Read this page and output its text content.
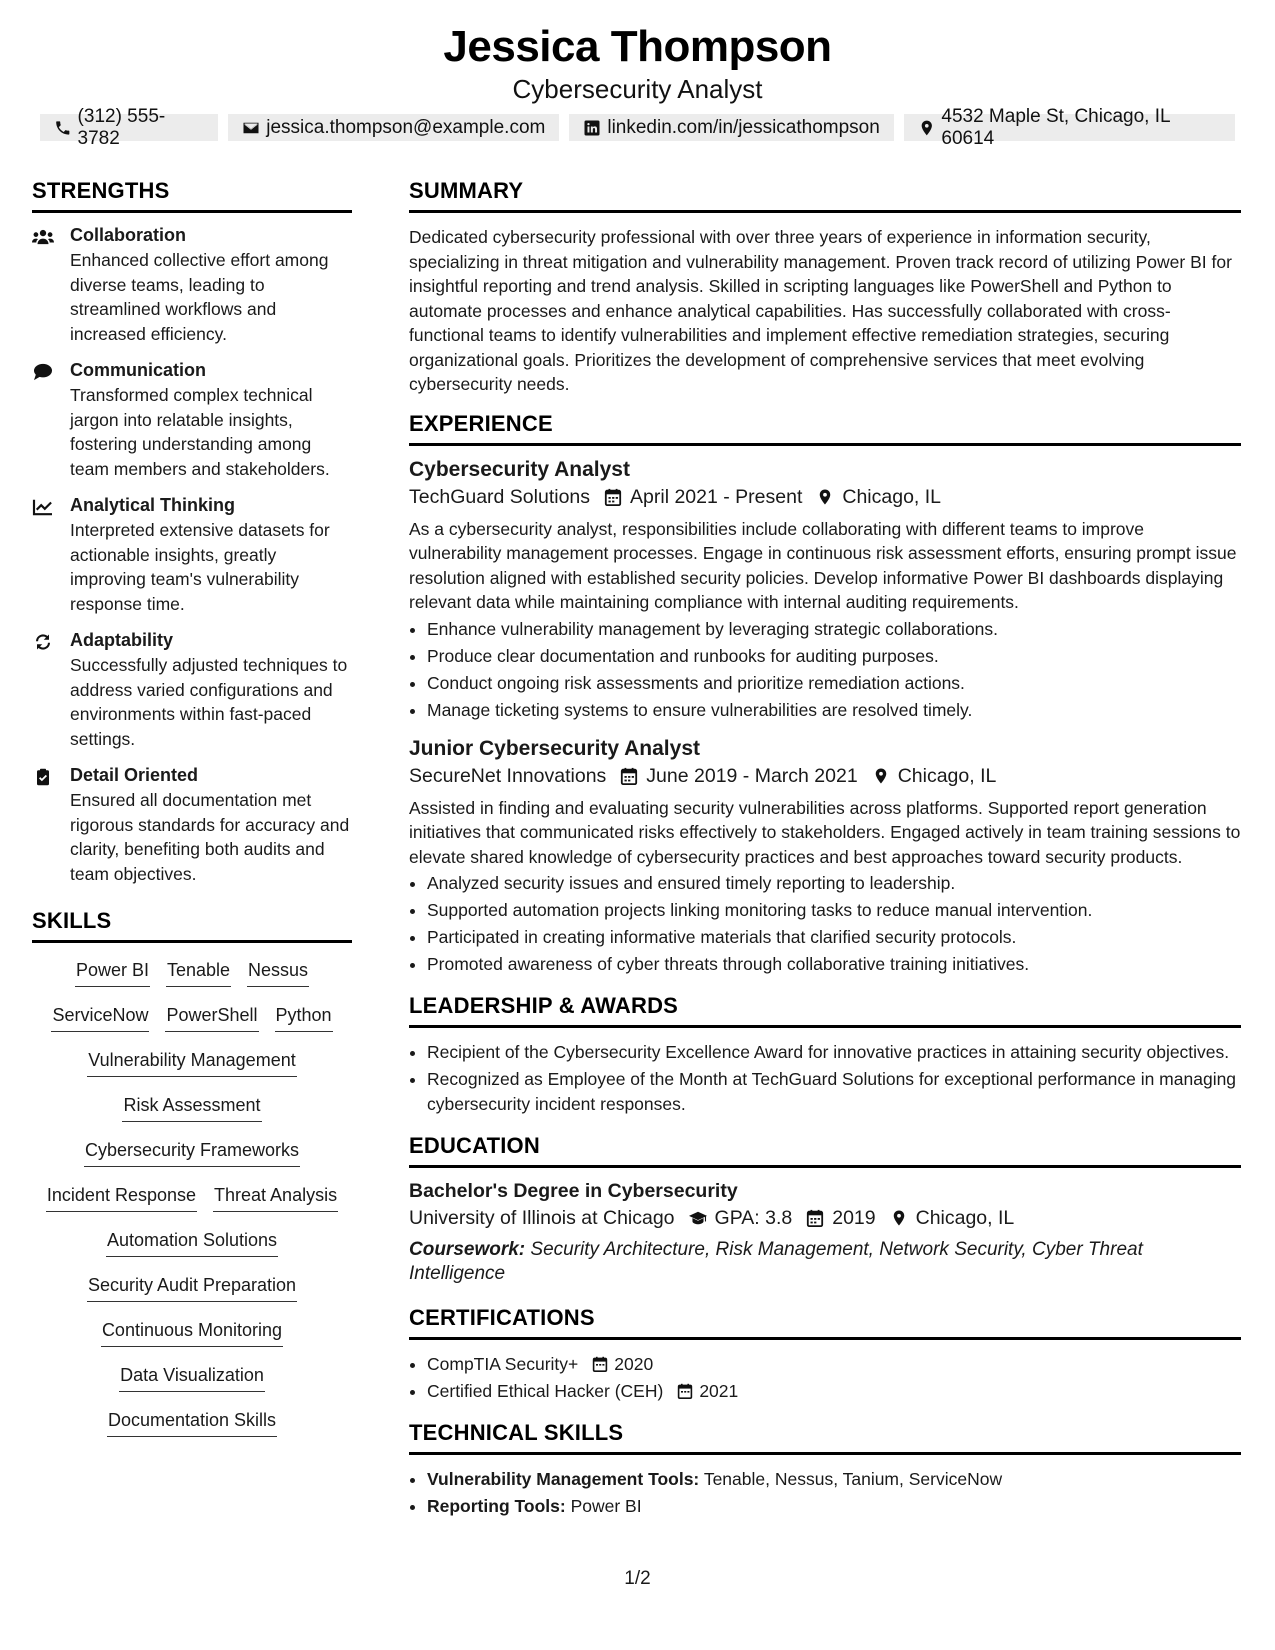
Jessica Thompson
Cybersecurity Analyst
(312) 555-3782
jessica.thompson@example.com	linkedin.com/in/jessicathompson
4532 Maple St, Chicago, IL 60614
STRENGTHS
Collaboration
Enhanced collective effort among diverse teams, leading to streamlined workflows and increased efficiency.
Communication
Transformed complex technical jargon into relatable insights, fostering understanding among team members and stakeholders.
Analytical Thinking
Interpreted extensive datasets for actionable insights, greatly improving team's vulnerability response time.
Adaptability
Successfully adjusted techniques to address varied configurations and environments within fast-paced settings.
Detail Oriented
Ensured all documentation met rigorous standards for accuracy and clarity, benefiting both audits and team objectives.
SKILLS
Power BI Tenable Nessus
ServiceNow PowerShell Python
Vulnerability Management
Risk Assessment
Cybersecurity Frameworks
Incident Response Threat Analysis
Automation Solutions
Security Audit Preparation
Continuous Monitoring
Data Visualization
Documentation Skills
SUMMARY

Dedicated cybersecurity professional with over three years of experience in information security, specializing in threat mitigation and vulnerability management. Proven track record of utilizing Power BI for insightful reporting and trend analysis. Skilled in scripting languages like PowerShell and Python to automate processes and enhance analytical capabilities. Has successfully collaborated with cross-functional teams to identify vulnerabilities and implement effective remediation strategies, securing organizational goals. Prioritizes the development of comprehensive services that meet evolving cybersecurity needs.

EXPERIENCE
Cybersecurity Analyst
TechGuard Solutions April 2021 - Present Chicago, IL

As a cybersecurity analyst, responsibilities include collaborating with different teams to improve vulnerability management processes. Engage in continuous risk assessment efforts, ensuring prompt issue resolution aligned with established security policies. Develop informative Power BI dashboards displaying relevant data while maintaining compliance with internal auditing requirements.

• Enhance vulnerability management by leveraging strategic collaborations.
• Produce clear documentation and runbooks for auditing purposes.
• Conduct ongoing risk assessments and prioritize remediation actions.
• Manage ticketing systems to ensure vulnerabilities are resolved timely.
Junior Cybersecurity Analyst
SecureNet Innovations June 2019 - March 2021 Chicago, IL

Assisted in finding and evaluating security vulnerabilities across platforms. Supported report generation initiatives that communicated risks effectively to stakeholders. Engaged actively in team training sessions to elevate shared knowledge of cybersecurity practices and best approaches toward security products.

• Analyzed security issues and ensured timely reporting to leadership.
• Supported automation projects linking monitoring tasks to reduce manual intervention.
• Participated in creating informative materials that clarified security protocols.
• Promoted awareness of cyber threats through collaborative training initiatives.
LEADERSHIP & AWARDS
• Recipient of the Cybersecurity Excellence Award for innovative practices in attaining security objectives.
• Recognized as Employee of the Month at TechGuard Solutions for exceptional performance in managing cybersecurity incident responses.
EDUCATION
Bachelor's Degree in Cybersecurity
University of Illinois at Chicago GPA: 3.8 2019 Chicago, IL
Coursework: Security Architecture, Risk Management, Network Security, Cyber Threat Intelligence
CERTIFICATIONS
• CompTIA Security+ 2020
• Certified Ethical Hacker (CEH) 2021
TECHNICAL SKILLS
• Vulnerability Management Tools: Tenable, Nessus, Tanium, ServiceNow
• Reporting Tools: Power BI
1/2
